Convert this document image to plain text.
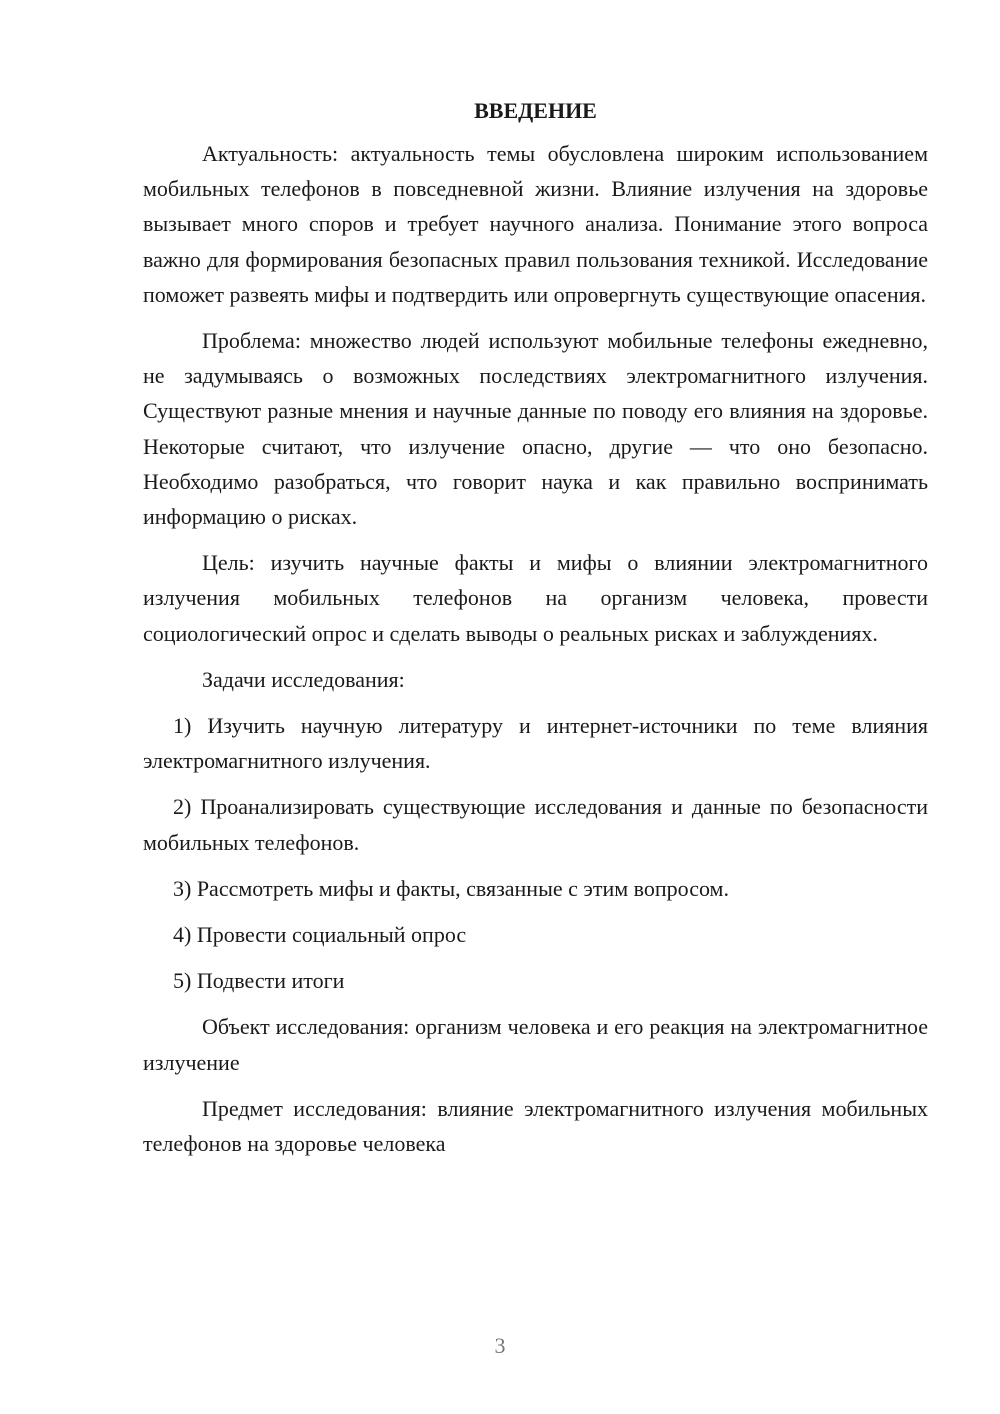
ВВЕДЕНИЕ

Актуальность: актуальность темы обусловлена широким использованием мобильных телефонов в повседневной жизни. Влияние излучения на здоровье вызывает много споров и требует научного анализа. Понимание этого вопроса важно для формирования безопасных правил пользования техникой. Исследование поможет развеять мифы и подтвердить или опровергнуть существующие опасения.

Проблема: множество людей используют мобильные телефоны ежедневно, не задумываясь о возможных последствиях электромагнитного излучения. Существуют разные мнения и научные данные по поводу его влияния на здоровье. Некоторые считают, что излучение опасно, другие — что оно безопасно. Необходимо разобраться, что говорит наука и как правильно воспринимать информацию о рисках.

Цель: изучить научные факты и мифы о влиянии электромагнитного излучения мобильных телефонов на организм человека, провести социологический опрос и сделать выводы о реальных рисках и заблуждениях.

Задачи исследования:

1) Изучить научную литературу и интернет-источники по теме влияния электромагнитного излучения.

2) Проанализировать существующие исследования и данные по безопасности мобильных телефонов.

3) Рассмотреть мифы и факты, связанные с этим вопросом.

4) Провести социальный опрос

5) Подвести итоги

Объект исследования: организм человека и его реакция на электромагнитное излучение

Предмет исследования: влияние электромагнитного излучения мобильных телефонов на здоровье человека

3
